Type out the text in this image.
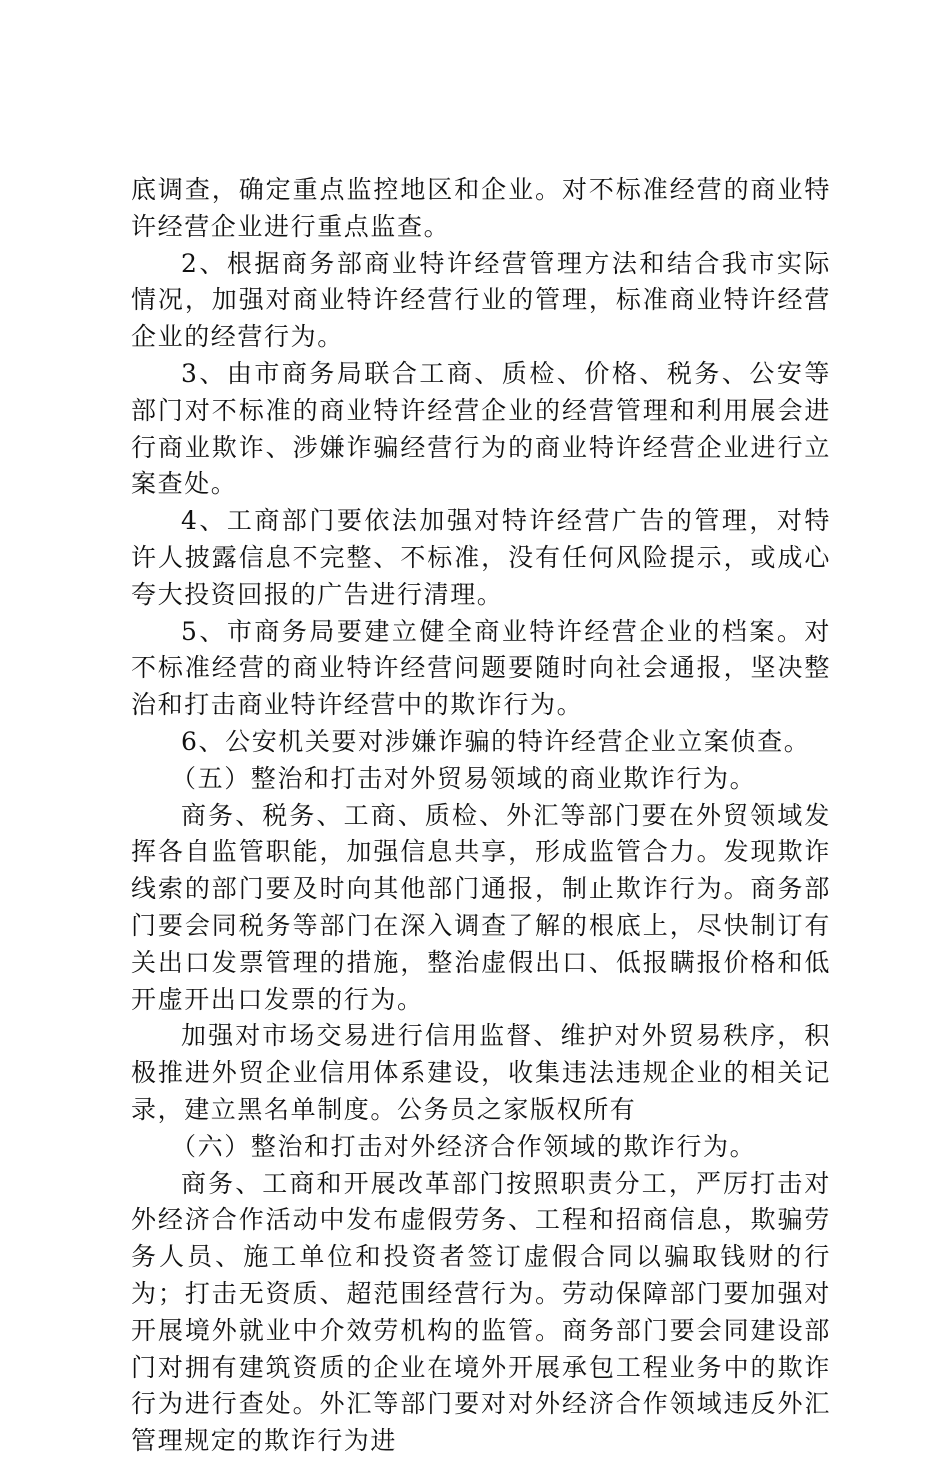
底调查，确定重点监控地区和企业。对不标准经营的商业特许经营企业进行重点监查。

2、根据商务部商业特许经营管理方法和结合我市实际情况，加强对商业特许经营行业的管理，标准商业特许经营企业的经营行为。

3、由市商务局联合工商、质检、价格、税务、公安等部门对不标准的商业特许经营企业的经营管理和利用展会进行商业欺诈、涉嫌诈骗经营行为的商业特许经营企业进行立案查处。

4、工商部门要依法加强对特许经营广告的管理，对特许人披露信息不完整、不标准，没有任何风险提示，或成心夸大投资回报的广告进行清理。

5、市商务局要建立健全商业特许经营企业的档案。对不标准经营的商业特许经营问题要随时向社会通报，坚决整治和打击商业特许经营中的欺诈行为。

6、公安机关要对涉嫌诈骗的特许经营企业立案侦查。

（五）整治和打击对外贸易领域的商业欺诈行为。

商务、税务、工商、质检、外汇等部门要在外贸领域发挥各自监管职能，加强信息共享，形成监管合力。发现欺诈线索的部门要及时向其他部门通报，制止欺诈行为。商务部门要会同税务等部门在深入调查了解的根底上，尽快制订有关出口发票管理的措施，整治虚假出口、低报瞒报价格和低开虚开出口发票的行为。

加强对市场交易进行信用监督、维护对外贸易秩序，积极推进外贸企业信用体系建设，收集违法违规企业的相关记录，建立黑名单制度。公务员之家版权所有

（六）整治和打击对外经济合作领域的欺诈行为。

商务、工商和开展改革部门按照职责分工，严厉打击对外经济合作活动中发布虚假劳务、工程和招商信息，欺骗劳务人员、施工单位和投资者签订虚假合同以骗取钱财的行为；打击无资质、超范围经营行为。劳动保障部门要加强对开展境外就业中介效劳机构的监管。商务部门要会同建设部门对拥有建筑资质的企业在境外开展承包工程业务中的欺诈行为进行查处。外汇等部门要对对外经济合作领域违反外汇管理规定的欺诈行为进
